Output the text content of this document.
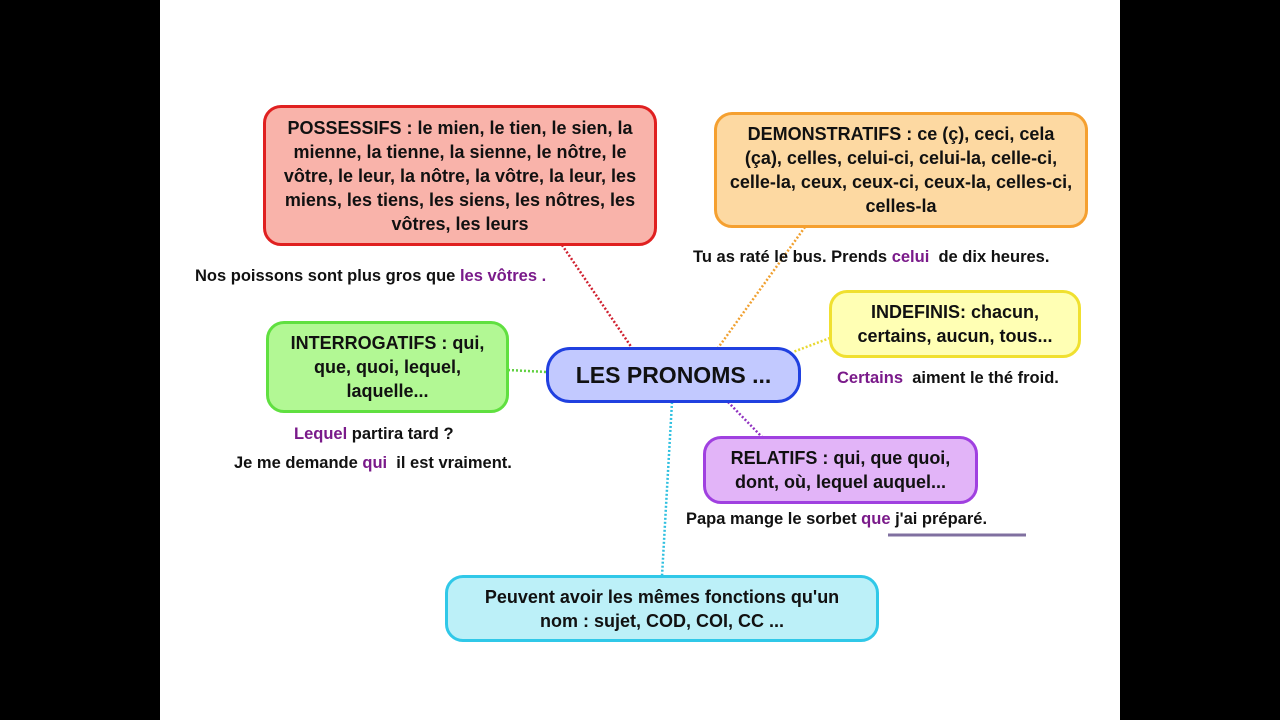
POSSESSIFS : le mien, le tien, le sien, la mienne, la tienne, la sienne, le nôtre, le vôtre, le leur, la nôtre, la vôtre, la leur, les miens, les tiens, les siens, les nôtres, les vôtres, les leurs
DEMONSTRATIFS : ce (ç), ceci, cela (ça), celles, celui-ci, celui-la, celle-ci, celle-la, ceux, ceux-ci, ceux-la, celles-ci, celles-la
INDEFINIS: chacun, certains, aucun, tous...
INTERROGATIFS : qui, que, quoi, lequel, laquelle...
LES PRONOMS ...
RELATIFS : qui, que quoi, dont, où, lequel auquel...
Peuvent avoir les mêmes fonctions qu'un nom : sujet, COD, COI, CC ...
Nos poissons sont plus gros que les vôtres .
Tu as raté le bus. Prends celui  de dix heures.
Certains  aiment le thé froid.
Lequel partira tard ?
Je me demande qui  il est vraiment.
Papa mange le sorbet que j'ai préparé.
